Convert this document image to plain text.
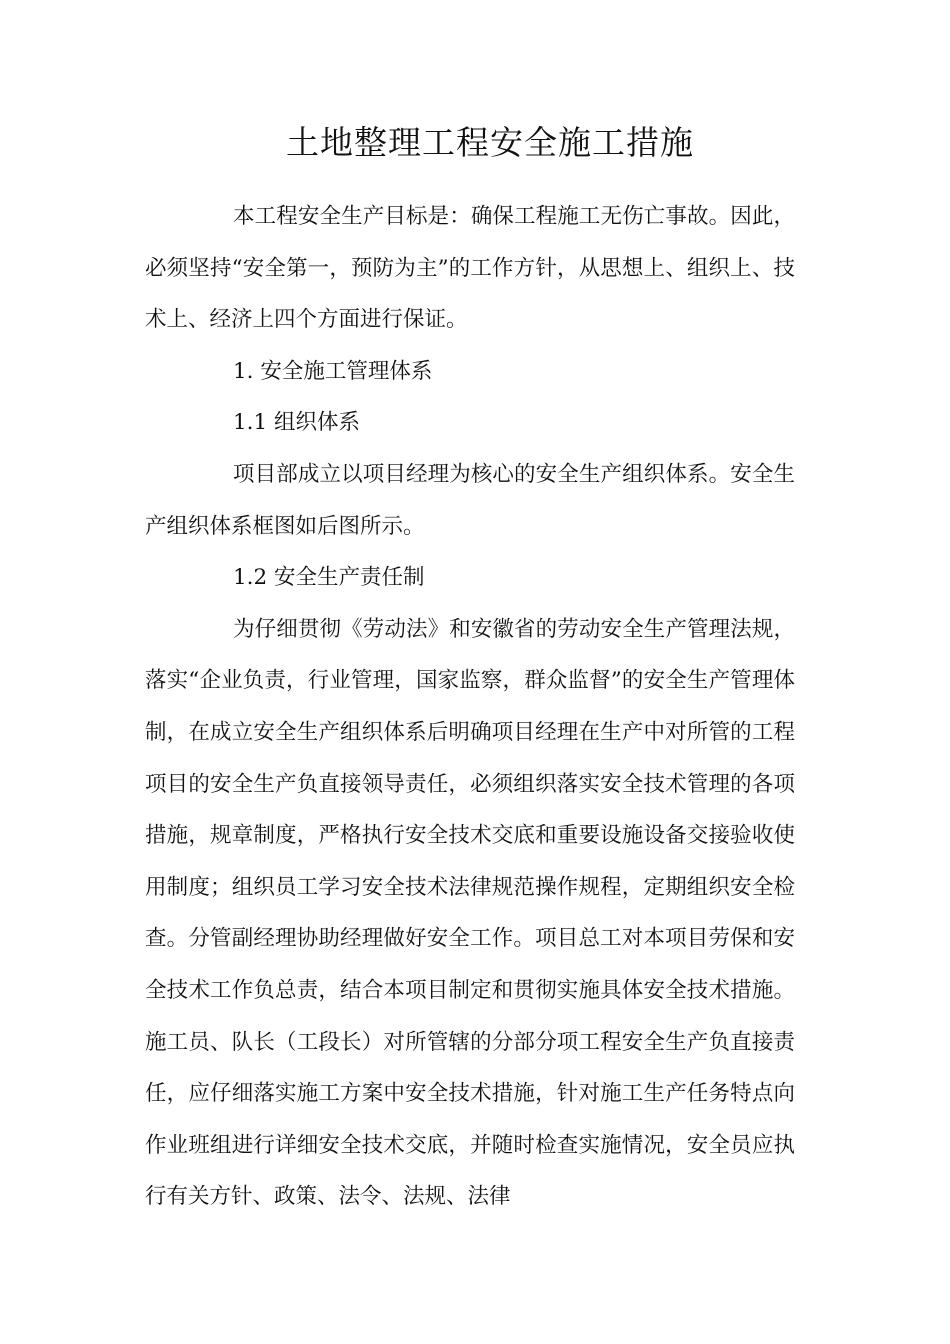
土地整理工程安全施工措施

本工程安全生产目标是：确保工程施工无伤亡事故。因此，必须坚持“安全第一，预防为主”的工作方针，从思想上、组织上、技术上、经济上四个方面进行保证。

1. 安全施工管理体系

1.1 组织体系

项目部成立以项目经理为核心的安全生产组织体系。安全生产组织体系框图如后图所示。

1.2 安全生产责任制

为仔细贯彻《劳动法》和安徽省的劳动安全生产管理法规，落实“企业负责，行业管理，国家监察，群众监督”的安全生产管理体制，在成立安全生产组织体系后明确项目经理在生产中对所管的工程项目的安全生产负直接领导责任，必须组织落实安全技术管理的各项措施，规章制度，严格执行安全技术交底和重要设施设备交接验收使用制度；组织员工学习安全技术法律规范操作规程，定期组织安全检查。分管副经理协助经理做好安全工作。项目总工对本项目劳保和安全技术工作负总责，结合本项目制定和贯彻实施具体安全技术措施。施工员、队长（工段长）对所管辖的分部分项工程安全生产负直接责任，应仔细落实施工方案中安全技术措施，针对施工生产任务特点向作业班组进行详细安全技术交底，并随时检查实施情况，安全员应执行有关方针、政策、法令、法规、法律
